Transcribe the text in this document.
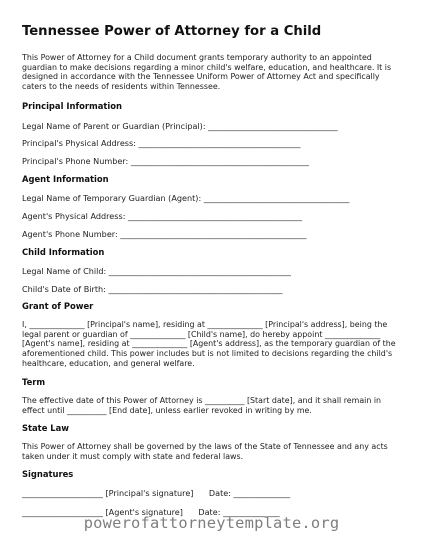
Tennessee Power of Attorney for a Child
This Power of Attorney for a Child document grants temporary authority to an appointed guardian to make decisions regarding a minor child's welfare, education, and healthcare. It is designed in accordance with the Tennessee Uniform Power of Attorney Act and specifically caters to the needs of residents within Tennessee.
Principal Information
Legal Name of Parent or Guardian (Principal): ________________________________
Principal's Physical Address: ________________________________________
Principal's Phone Number: ____________________________________________
Agent Information
Legal Name of Temporary Guardian (Agent): ____________________________________
Agent's Physical Address: ___________________________________________
Agent's Phone Number: ______________________________________________
Child Information
Legal Name of Child: _____________________________________________
Child's Date of Birth: ___________________________________________
Grant of Power
I, ______________ [Principal's name], residing at ______________ [Principal's address], being the legal parent or guardian of ______________ [Child's name], do hereby appoint ______________ [Agent's name], residing at ______________ [Agent's address], as the temporary guardian of the aforementioned child. This power includes but is not limited to decisions regarding the child's healthcare, education, and general welfare.
Term
The effective date of this Power of Attorney is __________ [Start date], and it shall remain in effect until __________ [End date], unless earlier revoked in writing by me.
State Law
This Power of Attorney shall be governed by the laws of the State of Tennessee and any acts taken under it must comply with state and federal laws.
Signatures
____________________ [Principal's signature]      Date: ______________
____________________ [Agent's signature]      Date: ______________
powerofattorneytemplate.org
